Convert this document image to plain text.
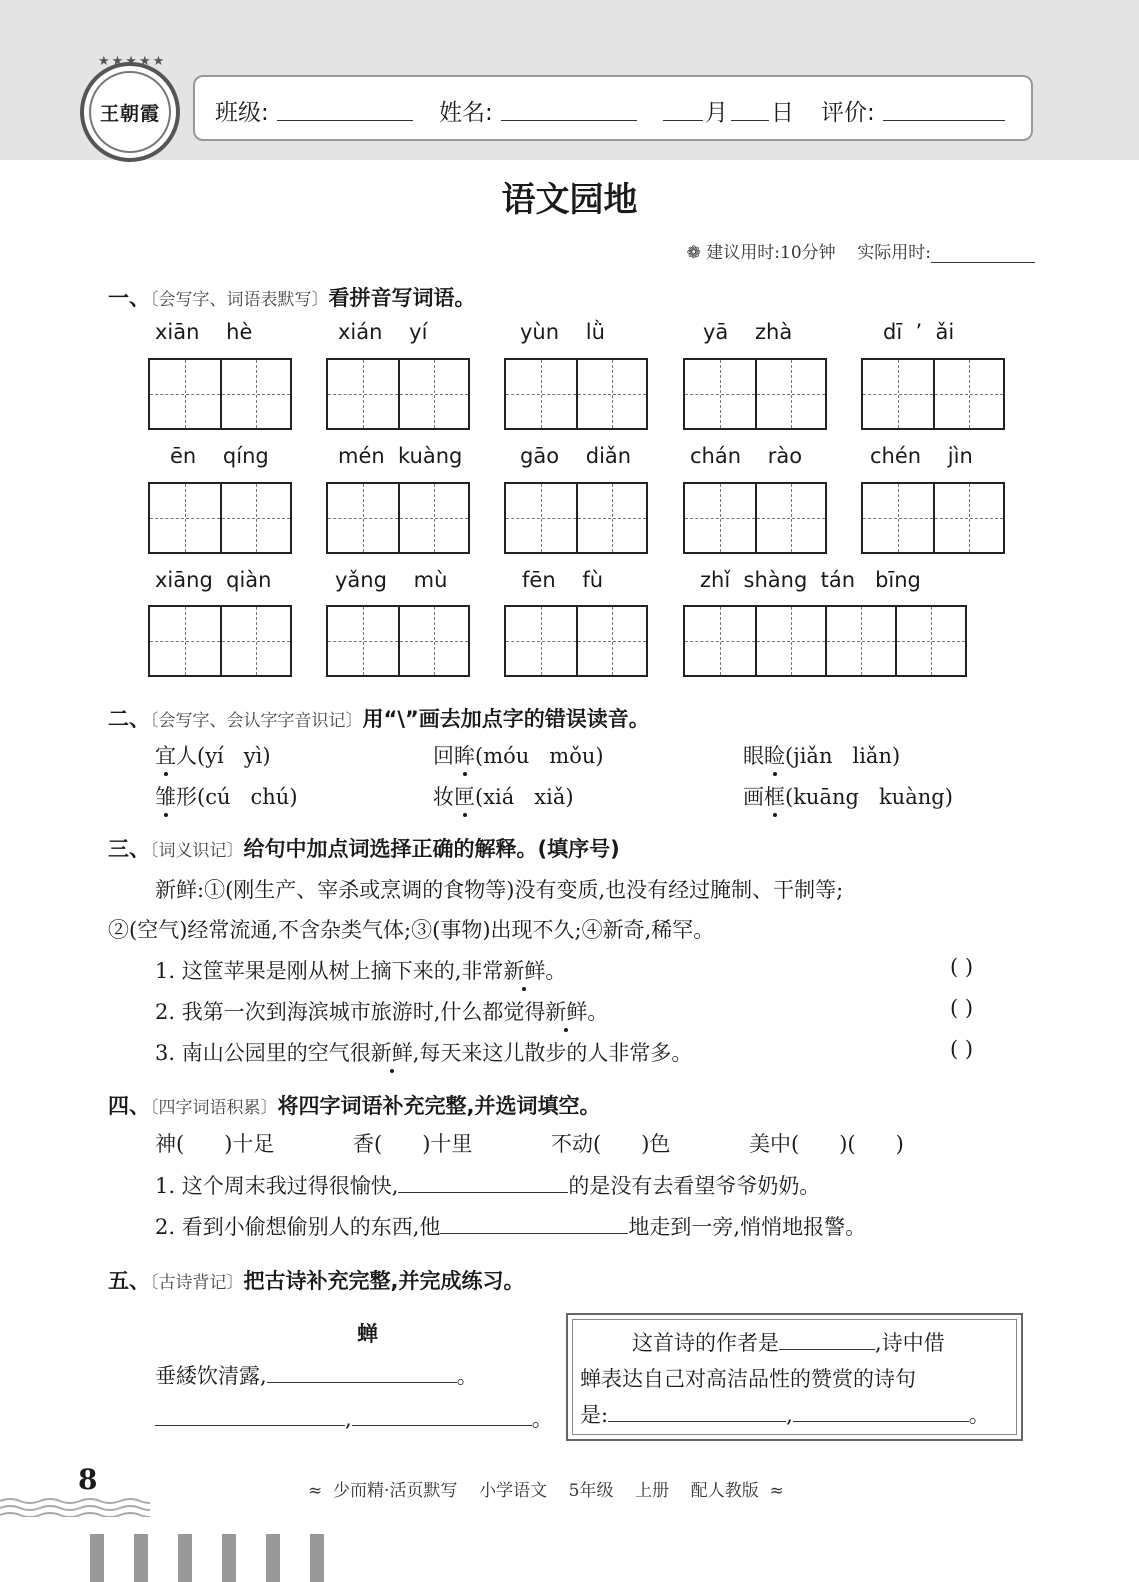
★★★★★
王朝霞 班级:	姓名:	月 日 评价:
语文园地
❁ 建议用时:10分钟 实际用时:
一、〔会写字、词语表默写〕看拼音写词语。
xiān    hè	xián    yí	yùn    lǜ	yā    zhà	dī  ’  ǎi
ēn    qíng	mén  kuàng	gāo    diǎn	chán    rào	chén    jìn
xiāng  qiàn	yǎng    mù	fēn    fù	zhǐ  shàng  tán   bīng
二、〔会写字、会认字字音识记〕用“\”画去加点字的错误读音。
宜人(yí   yì)	回眸(móu   mǒu)	眼睑(jiǎn   liǎn)
雏形(cú   chú)	妆匣(xiá   xiǎ)	画框(kuāng   kuàng)
三、〔词义识记〕给句中加点词选择正确的解释。(填序号)
新鲜:①(刚生产、宰杀或烹调的食物等)没有变质,也没有经过腌制、干制等;
②(空气)经常流通,不含杂类气体;③(事物)出现不久;④新奇,稀罕。
1. 这筐苹果是刚从树上摘下来的,非常新鲜。	( )
2. 我第一次到海滨城市旅游时,什么都觉得新鲜。	( )
3. 南山公园里的空气很新鲜,每天来这儿散步的人非常多。	( )
四、〔四字词语积累〕将四字词语补充完整,并选词填空。
神(      )十足	香(      )十里	不动(      )色	美中(      )(      )
1. 这个周末我过得很愉快,	的是没有去看望爷爷奶奶。
2. 看到小偷想偷别人的东西,他	地走到一旁,悄悄地报警。
五、〔古诗背记〕把古诗补充完整,并完成练习。
蝉
垂緌饮清露,	。
,	。
这首诗的作者是	,诗中借
蝉表达自己对高洁品性的赞赏的诗句
是:	,	。
8	≈  少而精·活页默写    小学语文    5年级    上册    配人教版  ≈
